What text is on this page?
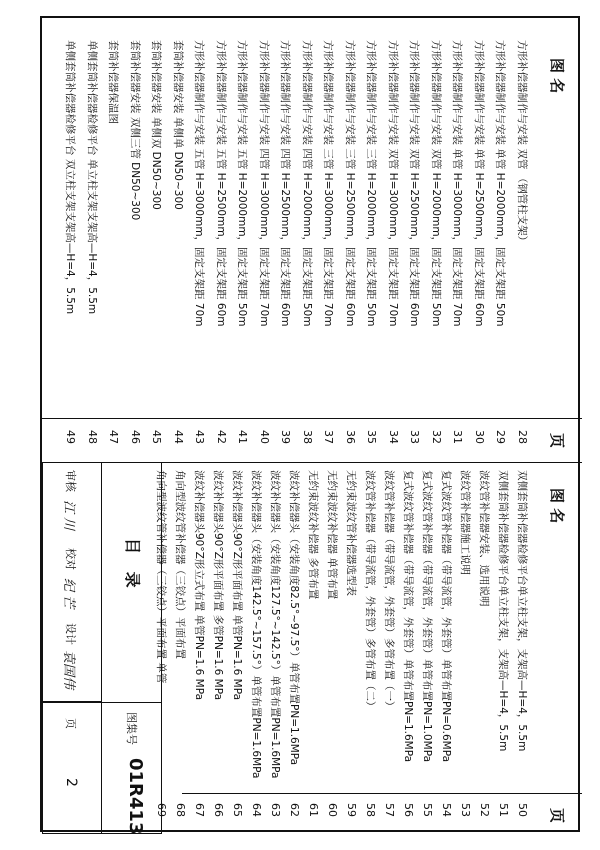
图 名
页
图 名
页
方形补偿器制作与安装 双管 （钢管柱支架）
28
方形补偿器制作与安装 单管 H=2000mm，固定支架距 50m
29
方形补偿器制作与安装 单管 H=2500mm，固定支架距 60m
30
方形补偿器制作与安装 单管 H=3000mm，固定支架距 70m
31
方形补偿器制作与安装 双管 H=2000mm，固定支架距 50m
32
方形补偿器制作与安装 双管 H=2500mm，固定支架距 60m
33
方形补偿器制作与安装 双管 H=3000mm，固定支架距 70m
34
方形补偿器制作与安装 三管 H=2000mm，固定支架距 50m
35
方形补偿器制作与安装 三管 H=2500mm，固定支架距 60m
36
方形补偿器制作与安装 三管 H=3000mm，固定支架距 70m
37
方形补偿器制作与安装 四管 H=2000mm，固定支架距 50m
38
方形补偿器制作与安装 四管 H=2500mm，固定支架距 60m
39
方形补偿器制作与安装 四管 H=3000mm，固定支架距 70m
40
方形补偿器制作与安装 五管 H=2000mm，固定支架距 50m
41
方形补偿器制作与安装 五管 H=2500mm，固定支架距 60m
42
方形补偿器制作与安装 五管 H=3000mm，固定支架距 70m
43
套筒补偿器安装 单侧单 DN50~300
44
套筒补偿器安装 单侧双 DN50~300
45
套筒补偿器安装 双侧三管 DN50~300
46
套筒补偿器保温图
47
单侧套筒补偿器检修平台 单立柱支架支架高—H=4，5.5m
48
单侧套筒补偿器检修平台 双立柱支架支架高—H=4，5.5m
49
双侧套筒补偿器检修平台单立柱支架，支架高—H=4，5.5m
50
双侧套筒补偿器检修平台单立柱支架，支架高—H=4，5.5m
51
波纹管补偿器安装、选用说明
52
波纹管补偿器施工说明
53
复式波纹管补偿器（带导流管，外套管）单管布置PN=0.6MPa
54
复式波纹管补偿器（带导流管，外套管）单管布置PN=1.0MPa
55
复式波纹管补偿器（带导流管，外套管）单管布置PN=1.6MPa
56
波纹管补偿器（带导流管，外套管）多管布置（一）
57
波纹管补偿器（带导流管，外套管）多管布置（二）
58
无约束波纹管补偿器选型表
59
无约束波纹补偿器 单管布置
60
无约束波纹补偿器 多管布置
61
波纹补偿器头（安装角度82.5°~97.5°）单管布置PN=1.6MPa
62
波纹补偿器头（安装角度127.5°~142.5°）单管布置PN=1.6MPa
63
波纹补偿器头（安装角度142.5°~157.5°）单管布置PN=1.6MPa
64
波纹补偿器头90°Z形平面布置 单管PN=1.6 MPa
65
波纹补偿器头90°Z形平面布置 多管PN=1.6 MPa
66
波纹补偿器头90°Z形立式布置 单管PN=1.6 MPa
67
角向型波纹管补偿器（三铰点）平面布置
68
角向型波纹管补偿器（三铰点）平面布置 单管
69
目 录
图集号
01R413
页
2
审核
江 川
校对
纪 芒
设计
袁国伟
